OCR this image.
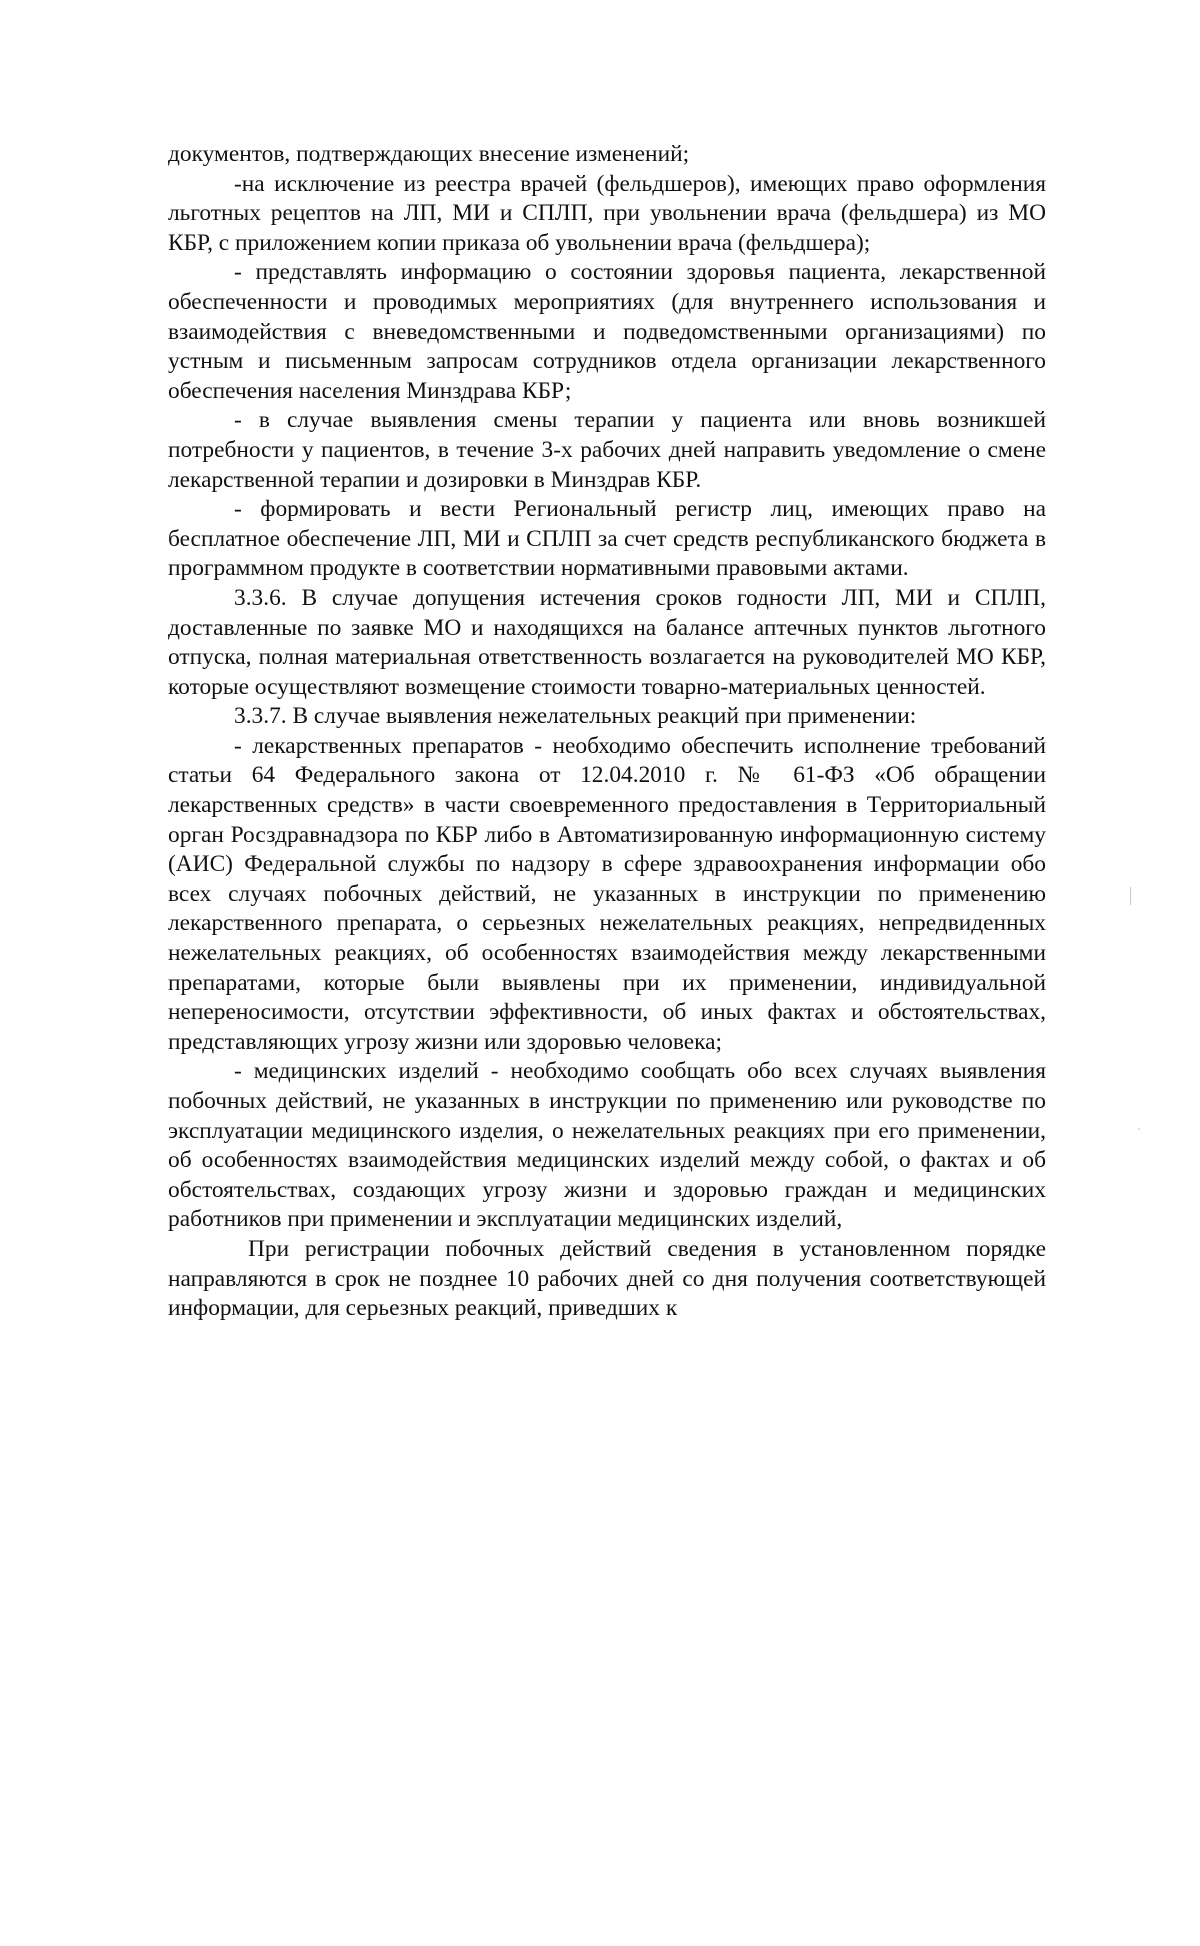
документов, подтверждающих внесение изменений;

-на исключение из реестра врачей (фельдшеров), имеющих право оформления льготных рецептов на ЛП, МИ и СПЛП, при увольнении врача (фельдшера) из МО КБР, с приложением копии приказа об увольнении врача (фельдшера);

- представлять информацию о состоянии здоровья пациента, лекарственной обеспеченности и проводимых мероприятиях (для внутреннего использования и взаимодействия с вневедомственными и подведомственными организациями) по устным и письменным запросам сотрудников отдела организации лекарственного обеспечения населения Минздрава КБР;

- в случае выявления смены терапии у пациента или вновь возникшей потребности у пациентов, в течение 3-х рабочих дней направить уведомление о смене лекарственной терапии и дозировки в Минздрав КБР.

- формировать и вести Региональный регистр лиц, имеющих право на бесплатное обеспечение ЛП, МИ и СПЛП за счет средств республиканского бюджета в программном продукте в соответствии нормативными правовыми актами.

3.3.6. В случае допущения истечения сроков годности ЛП, МИ и СПЛП, доставленные по заявке МО и находящихся на балансе аптечных пунктов льготного отпуска, полная материальная ответственность возлагается на руководителей МО КБР, которые осуществляют возмещение стоимости товарно-материальных ценностей.

3.3.7. В случае выявления нежелательных реакций при применении:

- лекарственных препаратов - необходимо обеспечить исполнение требований статьи 64 Федерального закона от 12.04.2010 г. № 61-ФЗ «Об обращении лекарственных средств» в части своевременного предоставления в Территориальный орган Росздравнадзора по КБР либо в Автоматизированную информационную систему (АИС) Федеральной службы по надзору в сфере здравоохранения информации обо всех случаях побочных действий, не указанных в инструкции по применению лекарственного препарата, о серьезных нежелательных реакциях, непредвиденных нежелательных реакциях, об особенностях взаимодействия между лекарственными препаратами, которые были выявлены при их применении, индивидуальной непереносимости, отсутствии эффективности, об иных фактах и обстоятельствах, представляющих угрозу жизни или здоровью человека;

- медицинских изделий - необходимо сообщать обо всех случаях выявления побочных действий, не указанных в инструкции по применению или руководстве по эксплуатации медицинского изделия, о нежелательных реакциях при его применении, об особенностях взаимодействия медицинских изделий между собой, о фактах и об обстоятельствах, создающих угрозу жизни и здоровью граждан и медицинских работников при применении и эксплуатации медицинских изделий,

При регистрации побочных действий сведения в установленном порядке направляются в срок не позднее 10 рабочих дней со дня получения соответствующей информации, для серьезных реакций, приведших к
